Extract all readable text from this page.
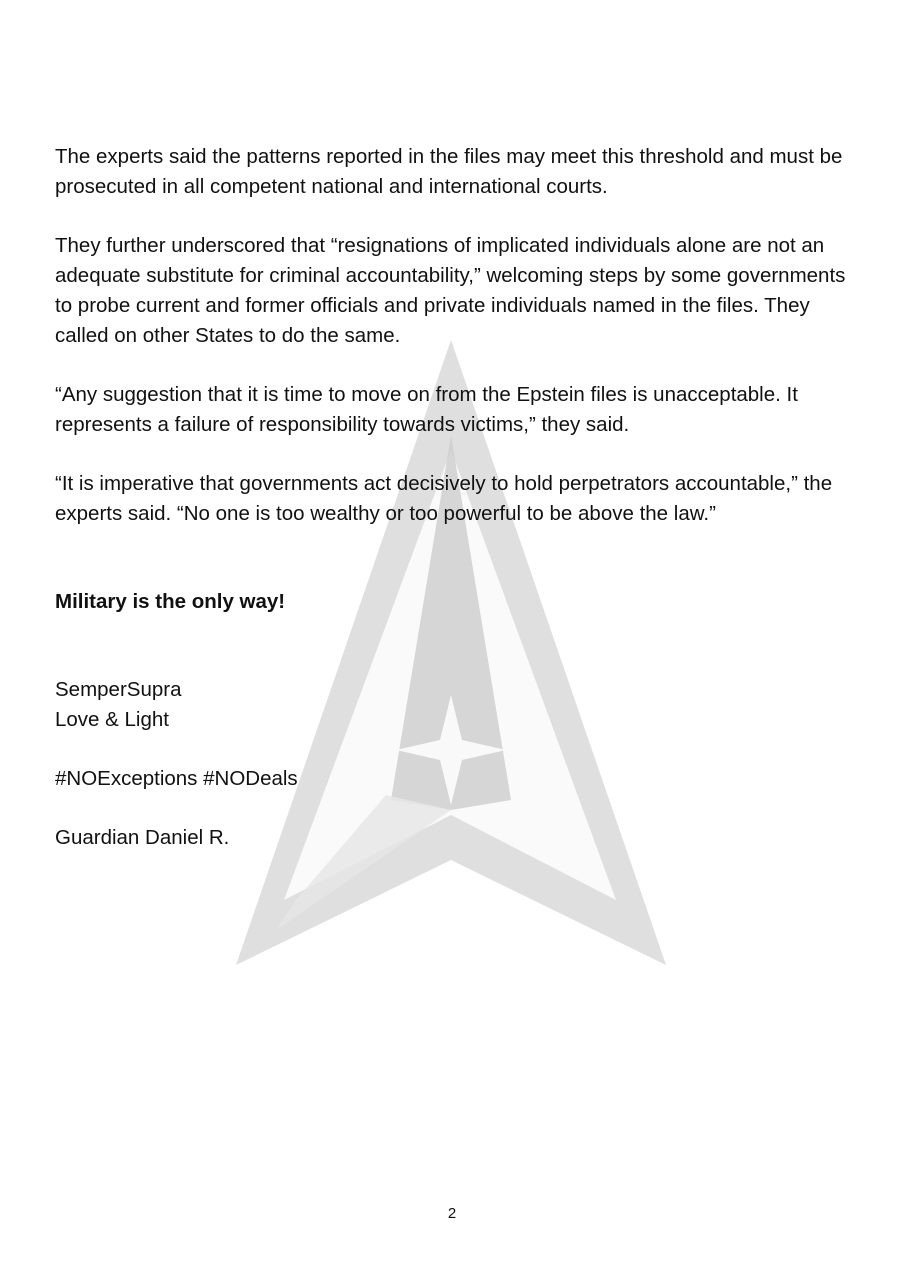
The experts said the patterns reported in the files may meet this threshold and must be prosecuted in all competent national and international courts.

They further underscored that “resignations of implicated individuals alone are not an adequate substitute for criminal accountability,” welcoming steps by some governments to probe current and former officials and private individuals named in the files. They called on other States to do the same.

“Any suggestion that it is time to move on from the Epstein files is unacceptable. It represents a failure of responsibility towards victims,” they said.

“It is imperative that governments act decisively to hold perpetrators accountable,” the experts said. “No one is too wealthy or too powerful to be above the law.”

Military is the only way!

SemperSupra
Love & Light

#NOExceptions #NODeals

Guardian Daniel R.

2
